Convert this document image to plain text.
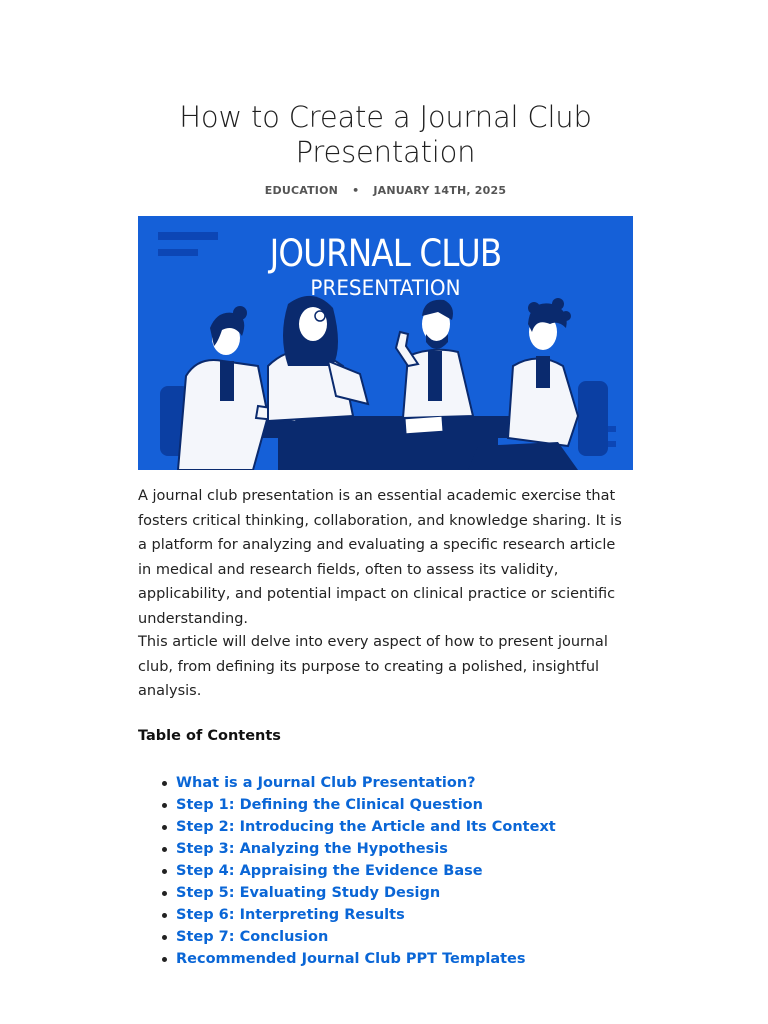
How to Create a Journal Club Presentation
EDUCATION • JANUARY 14TH, 2025
JOURNAL CLUB
PRESENTATION

A journal club presentation is an essential academic exercise that fosters critical thinking, collaboration, and knowledge sharing. It is a platform for analyzing and evaluating a specific research article in medical and research fields, often to assess its validity, applicability, and potential impact on clinical practice or scientific understanding.

This article will delve into every aspect of how to present journal club, from defining its purpose to creating a polished, insightful analysis.

Table of Contents
What is a Journal Club Presentation?
Step 1: Defining the Clinical Question
Step 2: Introducing the Article and Its Context
Step 3: Analyzing the Hypothesis
Step 4: Appraising the Evidence Base
Step 5: Evaluating Study Design
Step 6: Interpreting Results
Step 7: Conclusion
Recommended Journal Club PPT Templates
